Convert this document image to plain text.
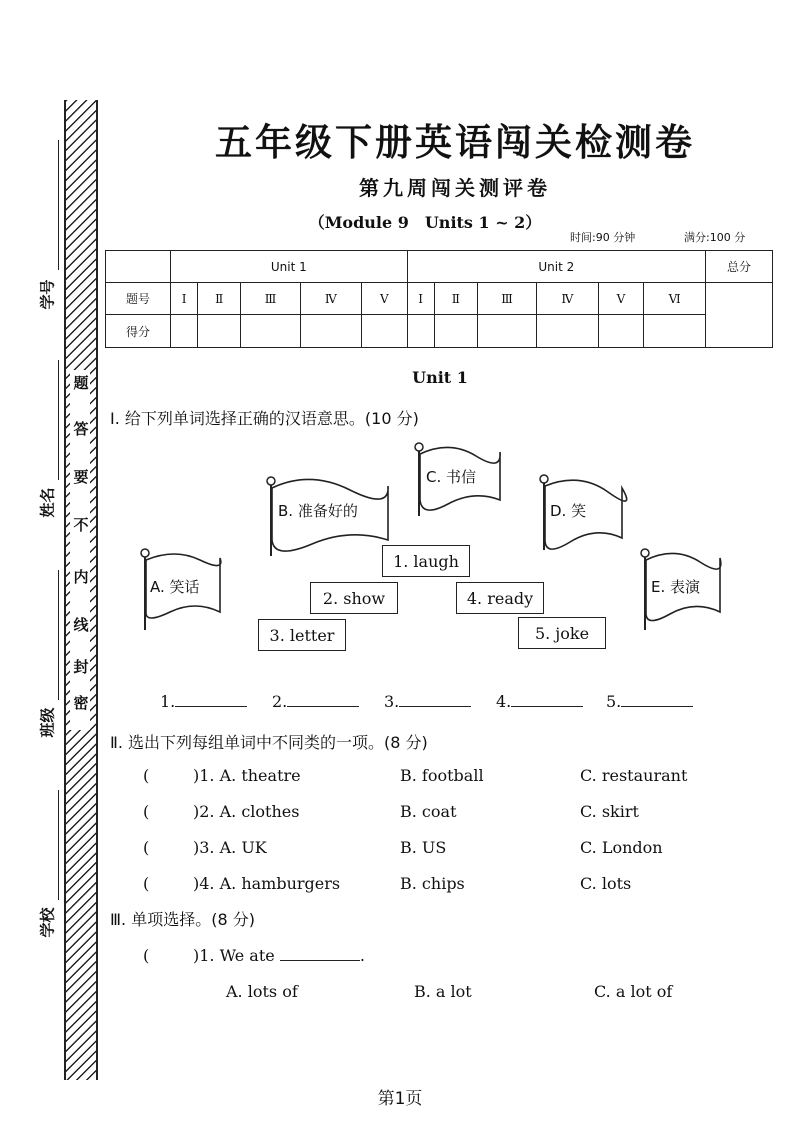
密
封
线
内
不
要
答
题
学号
姓名
班级
学校
五年级下册英语闯关检测卷
第九周闯关测评卷
（Module 9　Units 1 ~ 2）
时间:90 分钟	满分:100 分
	Unit 1					Unit 2						总分
题号	Ⅰ	Ⅱ	Ⅲ	Ⅳ	Ⅴ	Ⅰ	Ⅱ	Ⅲ	Ⅳ	Ⅴ	Ⅵ	
得分												
Unit 1
Ⅰ. 给下列单词选择正确的汉语意思。(10 分)
A. 笑话
B. 准备好的
C. 书信
D. 笑
E. 表演
1. laugh
2. show	4. ready
3. letter	5. joke
1.	2.	3.	4.	5.
Ⅱ. 选出下列每组单词中不同类的一项。(8 分)
(	)1. A. theatre	B. football	C. restaurant
(	)2. A. clothes	B. coat	C. skirt
(	)3. A. UK	B. US	C. London
(	)4. A. hamburgers	B. chips	C. lots
Ⅲ. 单项选择。(8 分)
(	)1. We ate	.
A. lots of	B. a lot	C. a lot of
第1页
